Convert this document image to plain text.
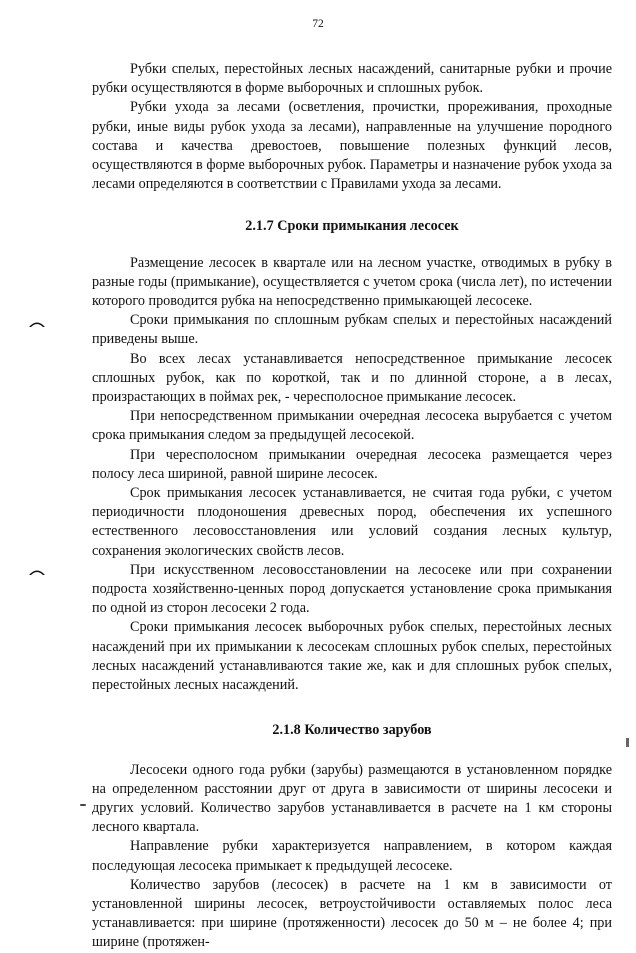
72

Рубки спелых, перестойных лесных насаждений, санитарные рубки и прочие рубки осуществляются в форме выборочных и сплошных рубок.

Рубки ухода за лесами (осветления, прочистки, прореживания, проходные рубки, иные виды рубок ухода за лесами), направленные на улучшение породного состава и качества древостоев, повышение полезных функций лесов, осуществляются в форме выборочных рубок. Параметры и назначение рубок ухода за лесами определяются в соответствии с Правилами ухода за лесами.

2.1.7 Сроки примыкания лесосек

Размещение лесосек в квартале или на лесном участке, отводимых в рубку в разные годы (примыкание), осуществляется с учетом срока (числа лет), по истечении которого проводится рубка на непосредственно примыкающей лесосеке.

Сроки примыкания по сплошным рубкам спелых и перестойных насаждений приведены выше.

Во всех лесах устанавливается непосредственное примыкание лесосек сплошных рубок, как по короткой, так и по длинной стороне, а в лесах, произрастающих в поймах рек, - чересполосное примыкание лесосек.

При непосредственном примыкании очередная лесосека вырубается с учетом срока примыкания следом за предыдущей лесосекой.

При чересполосном примыкании очередная лесосека размещается через полосу леса шириной, равной ширине лесосек.

Срок примыкания лесосек устанавливается, не считая года рубки, с учетом периодичности плодоношения древесных пород, обеспечения их успешного естественного лесовосстановления или условий создания лесных культур, сохранения экологических свойств лесов.

При искусственном лесовосстановлении на лесосеке или при сохранении подроста хозяйственно-ценных пород допускается установление срока примыкания по одной из сторон лесосеки 2 года.

Сроки примыкания лесосек выборочных рубок спелых, перестойных лесных насаждений при их примыкании к лесосекам сплошных рубок спелых, перестойных лесных насаждений устанавливаются такие же, как и для сплошных рубок спелых, перестойных лесных насаждений.

2.1.8 Количество зарубов

Лесосеки одного года рубки (зарубы) размещаются в установленном порядке на определенном расстоянии друг от друга в зависимости от ширины лесосеки и других условий. Количество зарубов устанавливается в расчете на 1 км стороны лесного квартала.

Направление рубки характеризуется направлением, в котором каждая последующая лесосека примыкает к предыдущей лесосеке.

Количество зарубов (лесосек) в расчете на 1 км в зависимости от установленной ширины лесосек, ветроустойчивости оставляемых полос леса устанавливается: при ширине (протяженности) лесосек до 50 м – не более 4; при ширине (протяжен-
